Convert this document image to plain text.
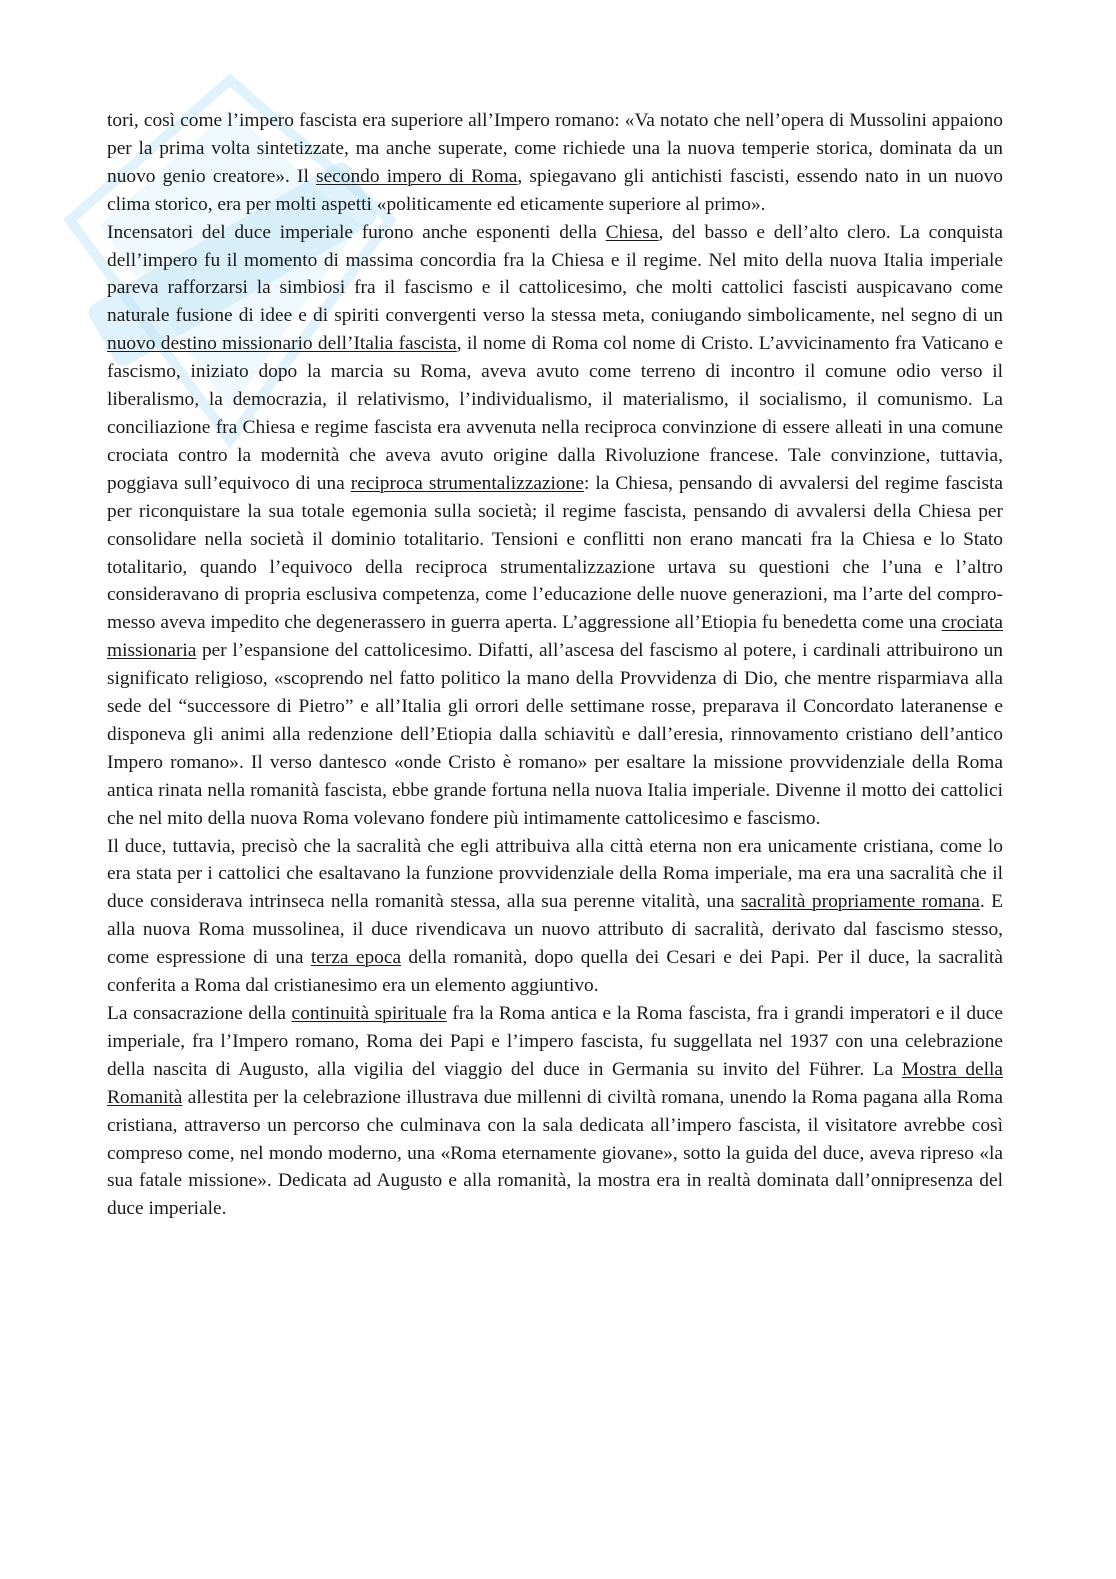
tori, così come l’impero fascista era superiore all’Impero romano: «Va notato che nell’opera di Mussolini appaiono per la prima volta sintetizzate, ma anche superate, come richiede una la nuova temperie storica, dominata da un nuovo genio creatore». Il secondo impero di Roma, spiegavano gli antichisti fascisti, essendo nato in un nuovo clima storico, era per molti aspetti «politicamente ed eticamente superiore al primo».

Incensatori del duce imperiale furono anche esponenti della Chiesa, del basso e dell’alto clero. La conquista dell’impero fu il momento di massima concordia fra la Chiesa e il regime. Nel mito della nuova Italia imperiale pareva rafforzarsi la simbiosi fra il fascismo e il cattolicesimo, che molti cattolici fascisti auspicavano come naturale fusione di idee e di spiriti convergenti verso la stessa meta, coniugando simbolicamente, nel segno di un nuovo destino missionario dell’Italia fascista, il nome di Roma col nome di Cristo. L’avvicinamento fra Vaticano e fascismo, iniziato dopo la marcia su Roma, aveva avuto come terreno di incontro il comune odio verso il liberalismo, la democrazia, il relativismo, l’individualismo, il materialismo, il socialismo, il comunismo. La conciliazione fra Chiesa e regime fascista era avvenuta nella reciproca convinzione di essere alleati in una comune crociata contro la modernità che aveva avuto origine dalla Rivoluzione francese. Tale convinzione, tuttavia, poggiava sull’equivoco di una reciproca strumentalizzazione: la Chiesa, pensando di avvalersi del regime fascista per riconquistare la sua totale egemonia sulla società; il regime fascista, pensando di avvalersi della Chiesa per consolidare nella società il dominio totalitario. Tensioni e conflitti non erano mancati fra la Chiesa e lo Stato totalitario, quando l’equivoco della reciproca strumentalizzazione urtava su questioni che l’una e l’altro consideravano di propria esclusiva competenza, come l’educazione delle nuove generazioni, ma l’arte del compromesso aveva impedito che degenerassero in guerra aperta. L’aggressione all’Etiopia fu benedetta come una crociata missionaria per l’espansione del cattolicesimo. Difatti, all’ascesa del fascismo al potere, i cardinali attribuirono un significato religioso, «scoprendo nel fatto politico la mano della Provvidenza di Dio, che mentre risparmiava alla sede del “successore di Pietro” e all’Italia gli orrori delle settimane rosse, preparava il Concordato lateranense e disponeva gli animi alla redenzione dell’Etiopia dalla schiavitù e dall’eresia, rinnovamento cristiano dell’antico Impero romano». Il verso dantesco «onde Cristo è romano» per esaltare la missione provvidenziale della Roma antica rinata nella romanità fascista, ebbe grande fortuna nella nuova Italia imperiale. Divenne il motto dei cattolici che nel mito della nuova Roma volevano fondere più intimamente cattolicesimo e fascismo.

Il duce, tuttavia, precisò che la sacralità che egli attribuiva alla città eterna non era unicamente cristiana, come lo era stata per i cattolici che esaltavano la funzione provvidenziale della Roma imperiale, ma era una sacralità che il duce considerava intrinseca nella romanità stessa, alla sua perenne vitalità, una sacralità propriamente romana. E alla nuova Roma mussolinea, il duce rivendicava un nuovo attributo di sacralità, derivato dal fascismo stesso, come espressione di una terza epoca della romanità, dopo quella dei Cesari e dei Papi. Per il duce, la sacralità conferita a Roma dal cristianesimo era un elemento aggiuntivo.

La consacrazione della continuità spirituale fra la Roma antica e la Roma fascista, fra i grandi imperatori e il duce imperiale, fra l’Impero romano, Roma dei Papi e l’impero fascista, fu suggellata nel 1937 con una celebrazione della nascita di Augusto, alla vigilia del viaggio del duce in Germania su invito del Führer. La Mostra della Romanità allestita per la celebrazione illustrava due millenni di civiltà romana, unendo la Roma pagana alla Roma cristiana, attraverso un percorso che culminava con la sala dedicata all’impero fascista, il visitatore avrebbe così compreso come, nel mondo moderno, una «Roma eternamente giovane», sotto la guida del duce, aveva ripreso «la sua fatale missione». Dedicata ad Augusto e alla romanità, la mostra era in realtà dominata dall’onnipresenza del duce imperiale.
